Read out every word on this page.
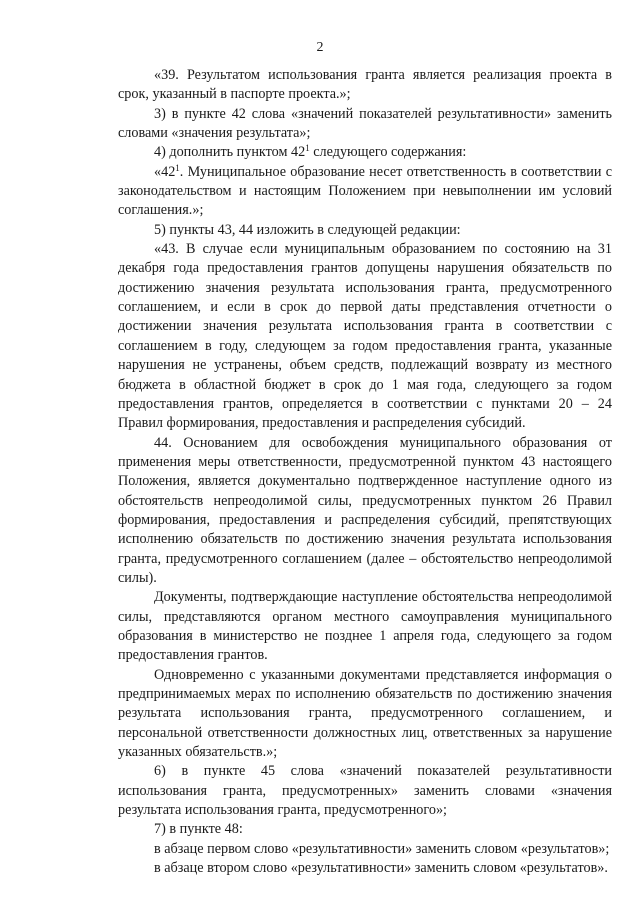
2

«39. Результатом использования гранта является реализация проекта в срок, указанный в паспорте проекта.»;

3) в пункте 42 слова «значений показателей результативности» заменить словами «значения результата»;

4) дополнить пунктом $42^1$ следующего содержания:

«$42^1$. Муниципальное образование несет ответственность в соответствии с законодательством и настоящим Положением при невыполнении им условий соглашения.»;

5) пункты 43, 44 изложить в следующей редакции:

«43. В случае если муниципальным образованием по состоянию на 31 декабря года предоставления грантов допущены нарушения обязательств по достижению значения результата использования гранта, предусмотренного соглашением, и если в срок до первой даты представления отчетности о достижении значения результата использования гранта в соответствии с соглашением в году, следующем за годом предоставления гранта, указанные нарушения не устранены, объем средств, подлежащий возврату из местного бюджета в областной бюджет в срок до 1 мая года, следующего за годом предоставления грантов, определяется в соответствии с пунктами 20 – 24 Правил формирования, предоставления и распределения субсидий.

44. Основанием для освобождения муниципального образования от применения меры ответственности, предусмотренной пунктом 43 настоящего Положения, является документально подтвержденное наступление одного из обстоятельств непреодолимой силы, предусмотренных пунктом 26 Правил формирования, предоставления и распределения субсидий, препятствующих исполнению обязательств по достижению значения результата использования гранта, предусмотренного соглашением (далее – обстоятельство непреодолимой силы).

Документы, подтверждающие наступление обстоятельства непреодолимой силы, представляются органом местного самоуправления муниципального образования в министерство не позднее 1 апреля года, следующего за годом предоставления грантов.

Одновременно с указанными документами представляется информация о предпринимаемых мерах по исполнению обязательств по достижению значения результата использования гранта, предусмотренного соглашением, и персональной ответственности должностных лиц, ответственных за нарушение указанных обязательств.»;

6) в пункте 45 слова «значений показателей результативности использования гранта, предусмотренных» заменить словами «значения результата использования гранта, предусмотренного»;

7) в пункте 48:

в абзаце первом слово «результативности» заменить словом «результатов»;

в абзаце втором слово «результативности» заменить словом «результатов».
